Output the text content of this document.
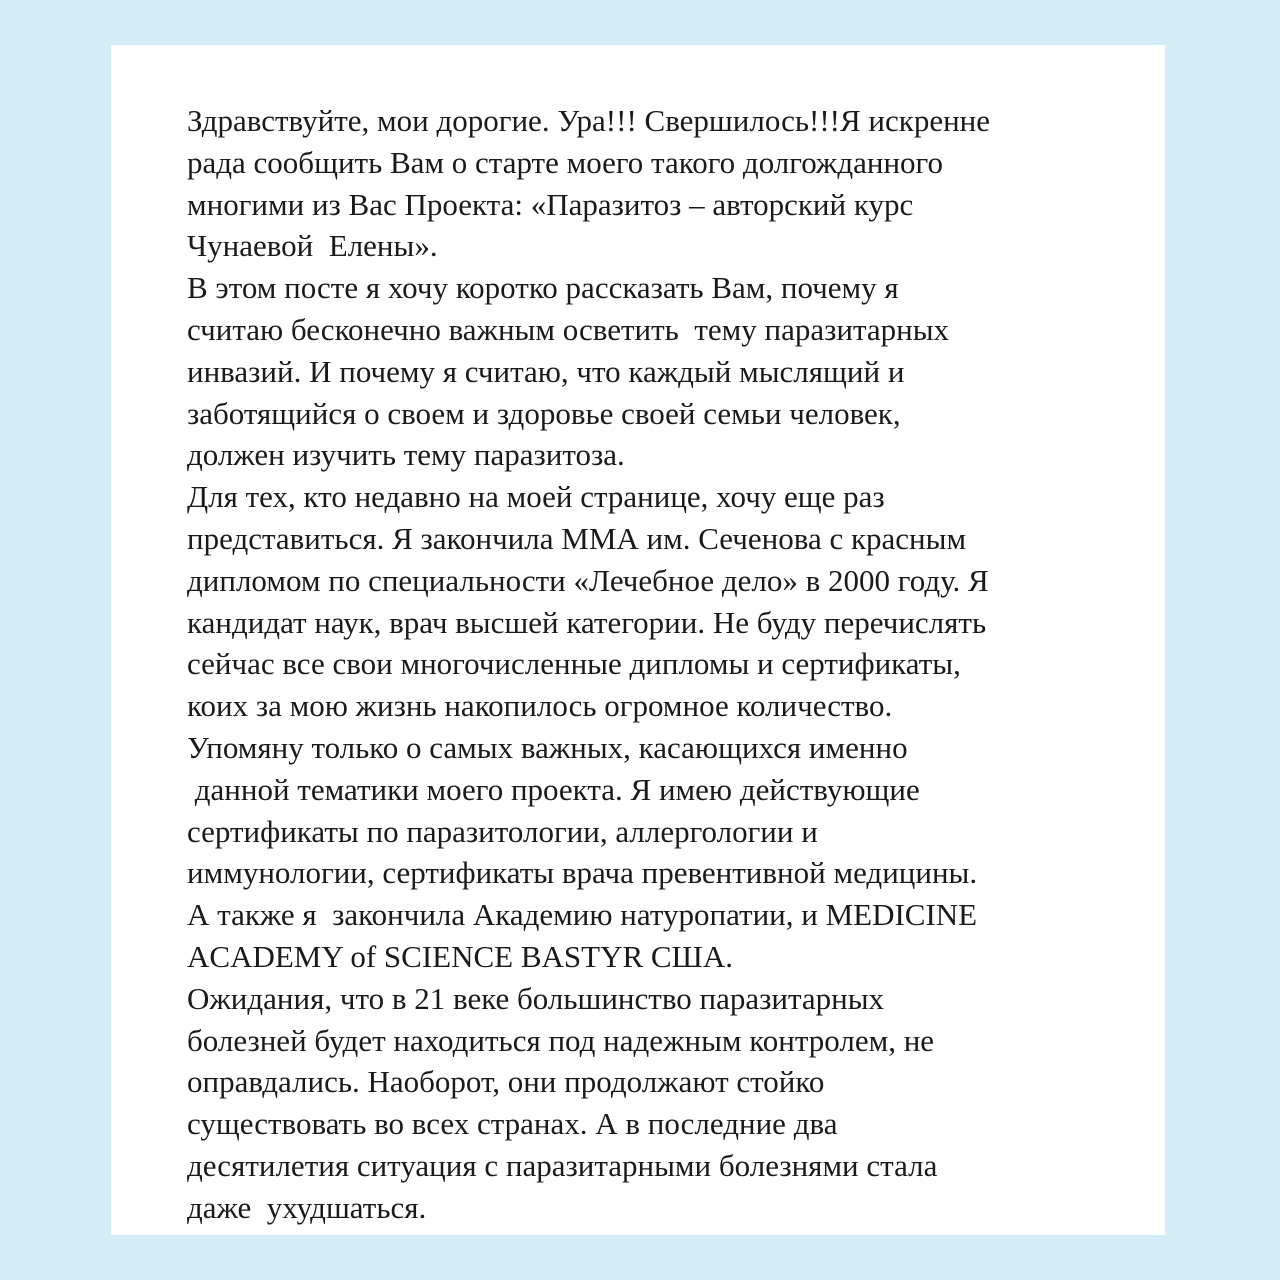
Здравствуйте, мои дорогие. Ура!!! Свершилось!!!Я искренне
рада сообщить Вам о старте моего такого долгожданного
многими из Вас Проекта: «Паразитоз – авторский курс
Чунаевой  Елены».
В этом посте я хочу коротко рассказать Вам, почему я
считаю бесконечно важным осветить  тему паразитарных
инвазий. И почему я считаю, что каждый мыслящий и
заботящийся о своем и здоровье своей семьи человек,
должен изучить тему паразитоза.
Для тех, кто недавно на моей странице, хочу еще раз
представиться. Я закончила ММА им. Сеченова с красным
дипломом по специальности «Лечебное дело» в 2000 году. Я
кандидат наук, врач высшей категории. Не буду перечислять
сейчас все свои многочисленные дипломы и сертификаты,
коих за мою жизнь накопилось огромное количество.
Упомяну только о самых важных, касающихся именно
данной тематики моего проекта. Я имею действующие
сертификаты по паразитологии, аллергологии и
иммунологии, сертификаты врача превентивной медицины.
А также я  закончила Академию натуропатии, и MEDICINE
ACADEMY of SCIENCE BASTYR США.
Ожидания, что в 21 веке большинство паразитарных
болезней будет находиться под надежным контролем, не
оправдались. Наоборот, они продолжают стойко
существовать во всех странах. А в последние два
десятилетия ситуация с паразитарными болезнями стала
даже  ухудшаться.
